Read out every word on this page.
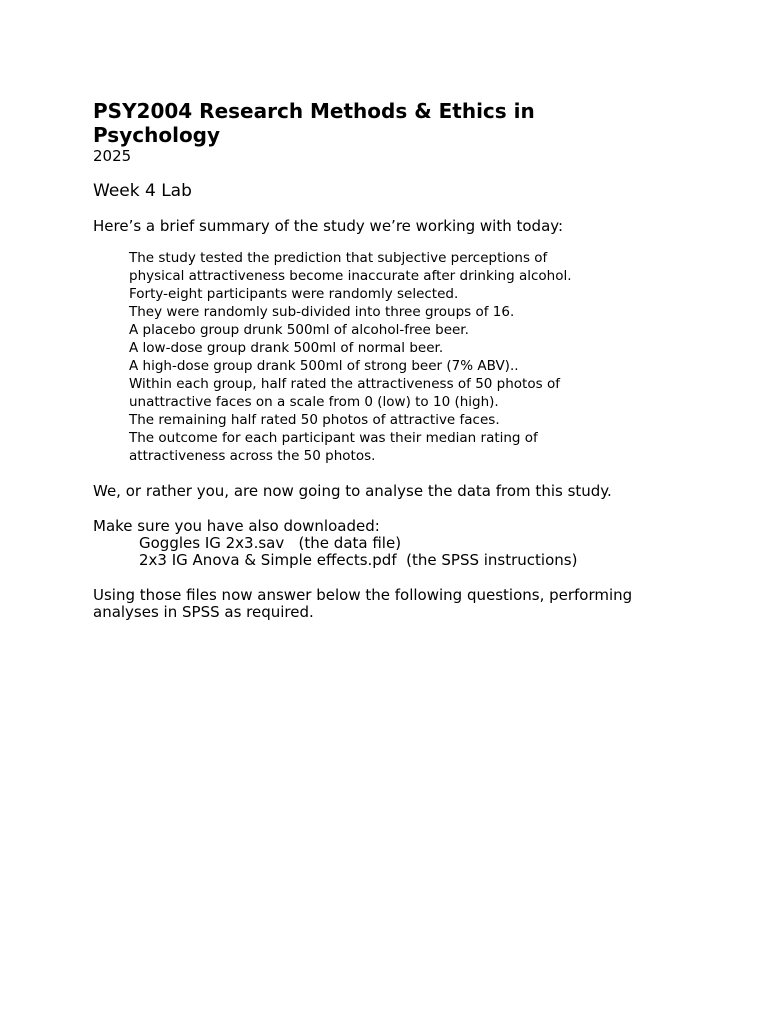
PSY2004 Research Methods & Ethics in
Psychology

2025

Week 4 Lab

Here’s a brief summary of the study we’re working with today:

The study tested the prediction that subjective perceptions of
physical attractiveness become inaccurate after drinking alcohol.
Forty-eight participants were randomly selected.
They were randomly sub-divided into three groups of 16.
A placebo group drunk 500ml of alcohol-free beer.
A low-dose group drank 500ml of normal beer.
A high-dose group drank 500ml of strong beer (7% ABV)..
Within each group, half rated the attractiveness of 50 photos of
unattractive faces on a scale from 0 (low) to 10 (high).
The remaining half rated 50 photos of attractive faces.
The outcome for each participant was their median rating of
attractiveness across the 50 photos.

We, or rather you, are now going to analyse the data from this study.

Make sure you have also downloaded:

Goggles IG 2x3.sav   (the data file)
2x3 IG Anova & Simple effects.pdf  (the SPSS instructions)

Using those files now answer below the following questions, performing
analyses in SPSS as required.
